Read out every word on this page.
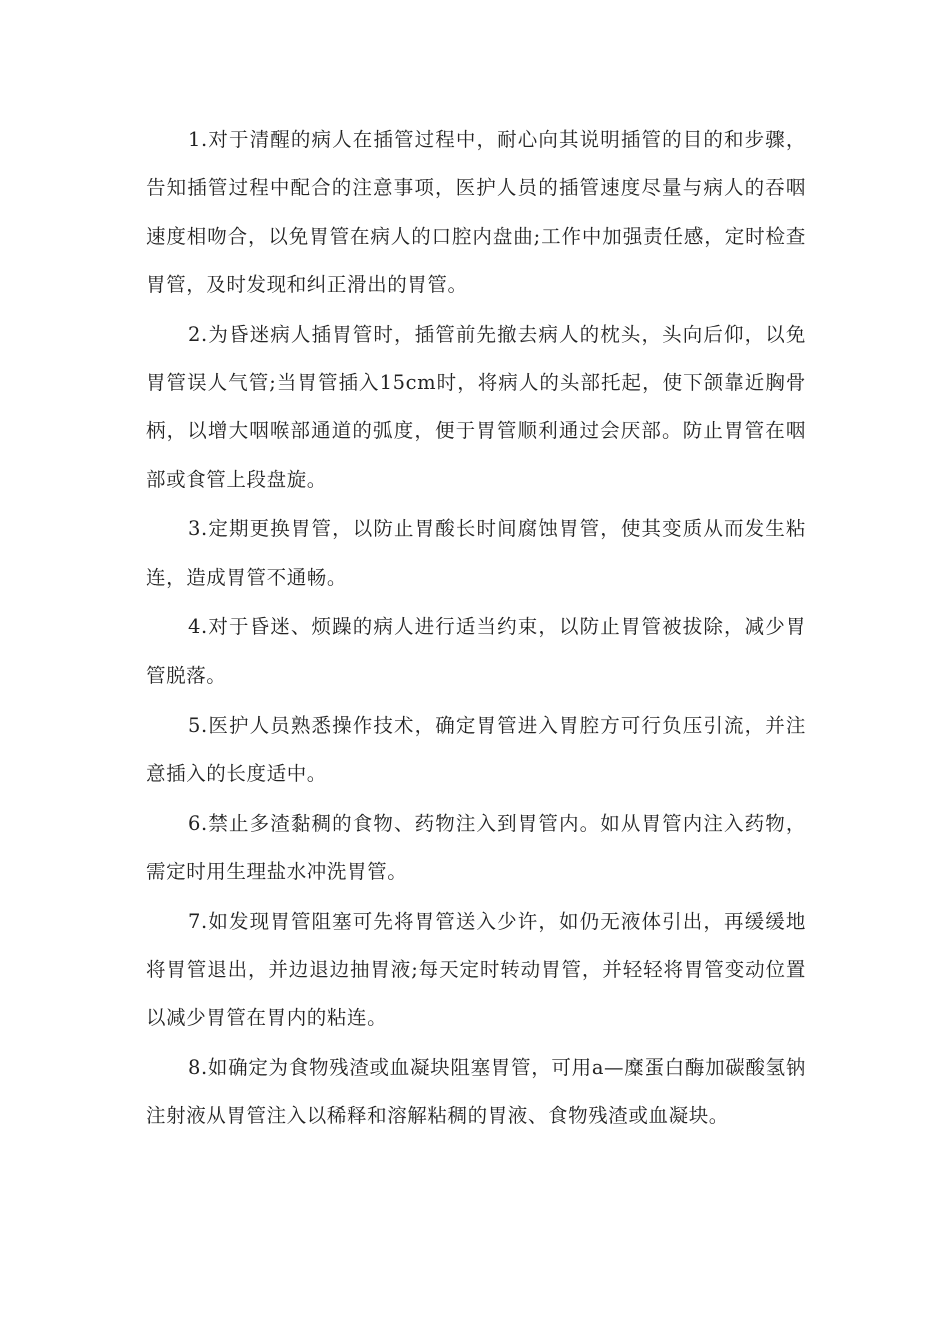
1.对于清醒的病人在插管过程中，耐心向其说明插管的目的和步骤，告知插管过程中配合的注意事项，医护人员的插管速度尽量与病人的吞咽速度相吻合，以免胃管在病人的口腔内盘曲;工作中加强责任感，定时检查胃管，及时发现和纠正滑出的胃管。

2.为昏迷病人插胃管时，插管前先撤去病人的枕头，头向后仰，以免胃管误人气管;当胃管插入15cm时，将病人的头部托起，使下颌靠近胸骨柄，以增大咽喉部通道的弧度，便于胃管顺利通过会厌部。防止胃管在咽部或食管上段盘旋。

3.定期更换胃管，以防止胃酸长时间腐蚀胃管，使其变质从而发生粘连，造成胃管不通畅。

4.对于昏迷、烦躁的病人进行适当约束，以防止胃管被拔除，减少胃管脱落。

5.医护人员熟悉操作技术，确定胃管进入胃腔方可行负压引流，并注意插入的长度适中。

6.禁止多渣黏稠的食物、药物注入到胃管内。如从胃管内注入药物，需定时用生理盐水冲洗胃管。

7.如发现胃管阻塞可先将胃管送入少许，如仍无液体引出，再缓缓地将胃管退出，并边退边抽胃液;每天定时转动胃管，并轻轻将胃管变动位置以减少胃管在胃内的粘连。

8.如确定为食物残渣或血凝块阻塞胃管，可用a—糜蛋白酶加碳酸氢钠注射液从胃管注入以稀释和溶解粘稠的胃液、食物残渣或血凝块。
